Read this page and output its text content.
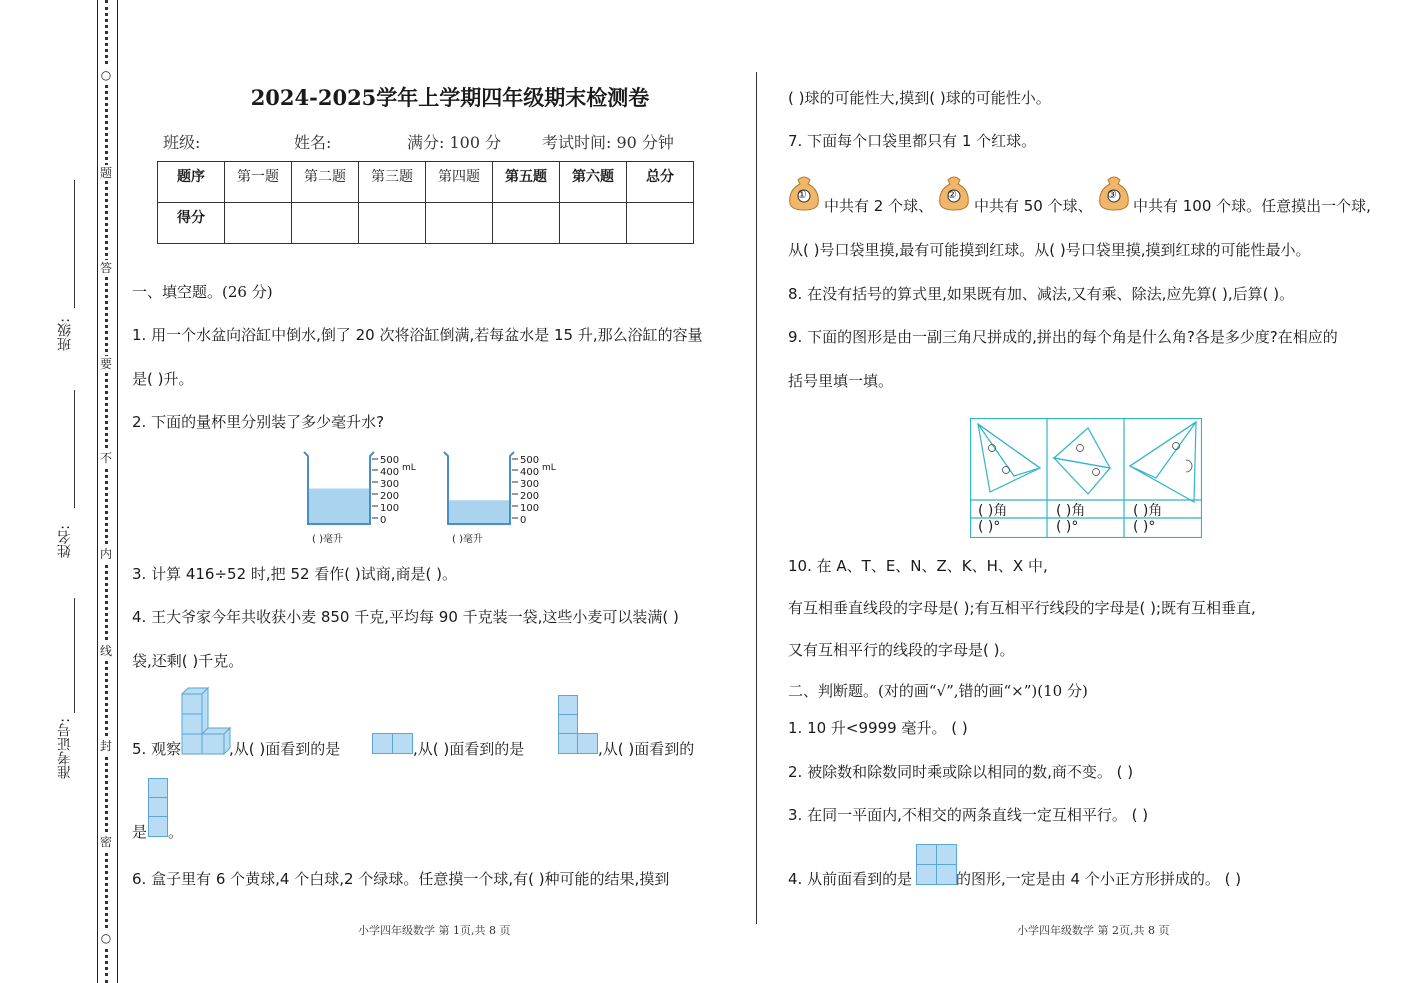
○
题
答
要
不
内
线
封
密
○
班级:
姓名:
准考证号:
2024-2025学年上学期四年级期末检测卷
班级:	姓名:	满分: 100 分	考试时间: 90 分钟
题序	第一题	第二题	第三题	第四题	第五题	第六题	总分
得分							
一、填空题。(26 分)
1. 用一个水盆向浴缸中倒水,倒了 20 次将浴缸倒满,若每盆水是 15 升,那么浴缸的容量
是( )升。
2. 下面的量杯里分别装了多少毫升水?
500
400
300
200
100
0
mL
500
400
300
200
100
0
mL
( )毫升	( )毫升
3. 计算 416÷52 时,把 52 看作( )试商,商是( )。
4. 王大爷家今年共收获小麦 850 千克,平均每 90 千克装一袋,这些小麦可以装满( )
袋,还剩( )千克。
5. 观察	,从( )面看到的是	,从( )面看到的是	,从( )面看到的
是 。
6. 盒子里有 6 个黄球,4 个白球,2 个绿球。任意摸一个球,有( )种可能的结果,摸到
小学四年级数学 第 1页,共 8 页
( )球的可能性大,摸到( )球的可能性小。
7. 下面每个口袋里都只有 1 个红球。
①
中共有 2 个球、
②
中共有 50 个球、
③
中共有 100 个球。任意摸出一个球,
从( )号口袋里摸,最有可能摸到红球。从( )号口袋里摸,摸到红球的可能性最小。
8. 在没有括号的算式里,如果既有加、减法,又有乘、除法,应先算( ),后算( )。
9. 下面的图形是由一副三角尺拼成的,拼出的每个角是什么角?各是多少度?在相应的
括号里填一填。
( )角	( )角	( )角
( )°	( )°	( )°
10. 在 A、T、E、N、Z、K、H、X 中,
有互相垂直线段的字母是( );有互相平行线段的字母是( );既有互相垂直,
又有互相平行的线段的字母是( )。
二、判断题。(对的画“√”,错的画“×”)(10 分)
1. 10 升<9999 毫升。 ( )
2. 被除数和除数同时乘或除以相同的数,商不变。 ( )
3. 在同一平面内,不相交的两条直线一定互相平行。 ( )
4. 从前面看到的是	的图形,一定是由 4 个小正方形拼成的。 ( )
小学四年级数学 第 2页,共 8 页
